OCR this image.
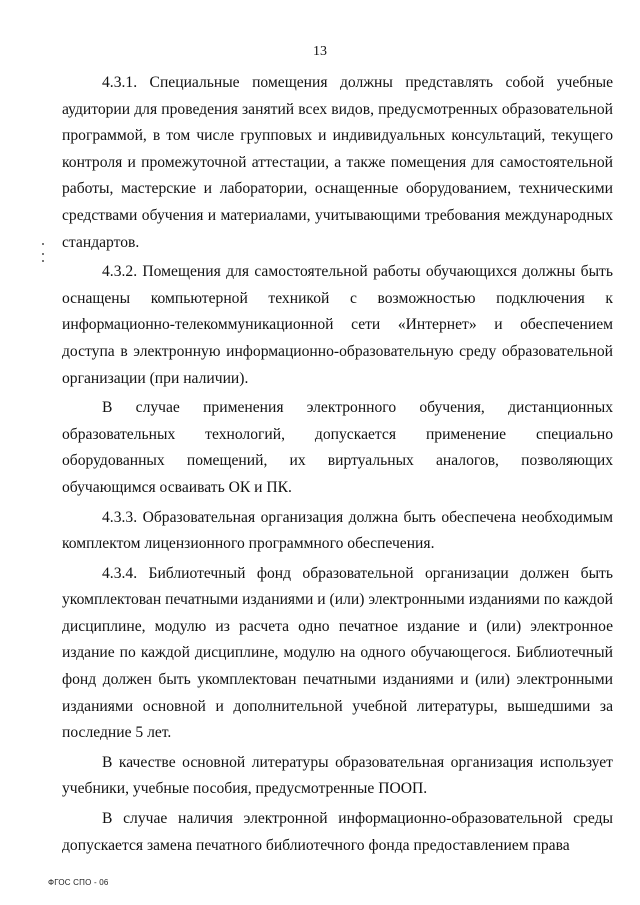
13

4.3.1. Специальные помещения должны представлять собой учебные аудитории для проведения занятий всех видов, предусмотренных образовательной программой, в том числе групповых и индивидуальных консультаций, текущего контроля и промежуточной аттестации, а также помещения для самостоятельной работы, мастерские и лаборатории, оснащенные оборудованием, техническими средствами обучения и материалами, учитывающими требования международных стандартов.

4.3.2. Помещения для самостоятельной работы обучающихся должны быть оснащены компьютерной техникой с возможностью подключения к информационно-телекоммуникационной сети «Интернет» и обеспечением доступа в электронную информационно-образовательную среду образовательной организации (при наличии).

В случае применения электронного обучения, дистанционных образовательных технологий, допускается применение специально оборудованных помещений, их виртуальных аналогов, позволяющих обучающимся осваивать ОК и ПК.

4.3.3. Образовательная организация должна быть обеспечена необходимым комплектом лицензионного программного обеспечения.

4.3.4. Библиотечный фонд образовательной организации должен быть укомплектован печатными изданиями и (или) электронными изданиями по каждой дисциплине, модулю из расчета одно печатное издание и (или) электронное издание по каждой дисциплине, модулю на одного обучающегося. Библиотечный фонд должен быть укомплектован печатными изданиями и (или) электронными изданиями основной и дополнительной учебной литературы, вышедшими за последние 5 лет.

В качестве основной литературы образовательная организация использует учебники, учебные пособия, предусмотренные ПООП.

В случае наличия электронной информационно-образовательной среды допускается замена печатного библиотечного фонда предоставлением права

ФГОС СПО - 06
